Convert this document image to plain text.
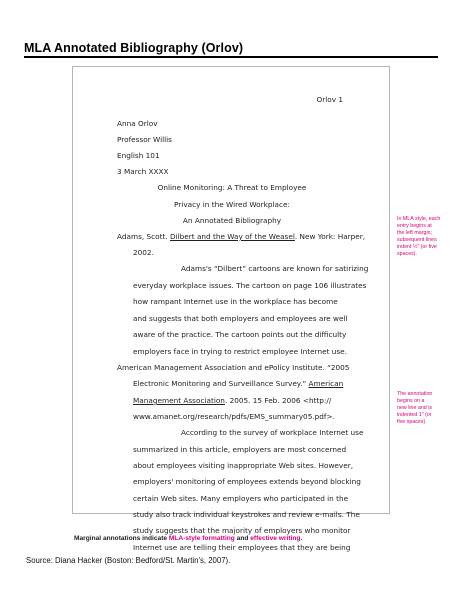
MLA Annotated Bibliography (Orlov)
Orlov 1
Anna Orlov
Professor Willis
English 101
3 March XXXX
Online Monitoring: A Threat to Employee
Privacy in the Wired Workplace:
An Annotated Bibliography
Adams, Scott. Dilbert and the Way of the Weasel. New York: Harper,
2002.
Adams's “Dilbert” cartoons are known for satirizing
everyday workplace issues. The cartoon on page 106 illustrates
how rampant Internet use in the workplace has become
and suggests that both employers and employees are well
aware of the practice. The cartoon points out the difficulty
employers face in trying to restrict employee Internet use.
American Management Association and ePolicy Institute. “2005
Electronic Monitoring and Surveillance Survey.” American
Management Association. 2005. 15 Feb. 2006 <http://
www.amanet.org/research/pdfs/EMS_summary05.pdf>.
According to the survey of workplace Internet use
summarized in this article, employers are most concerned
about employees visiting inappropriate Web sites. However,
employers' monitoring of employees extends beyond blocking
certain Web sites. Many employers who participated in the
study also track individual keystrokes and review e-mails. The
study suggests that the majority of employers who monitor
Internet use are telling their employees that they are being
In MLA style, each
entry begins at
the left margin;
subsequent lines
indent ½″ (or five
spaces).
The annotation
begins on a
new line and is
indented 1″ (or
five spaces).
Marginal annotations indicate MLA-style formatting and effective writing.
Source: Diana Hacker (Boston: Bedford/St. Martin's, 2007).
